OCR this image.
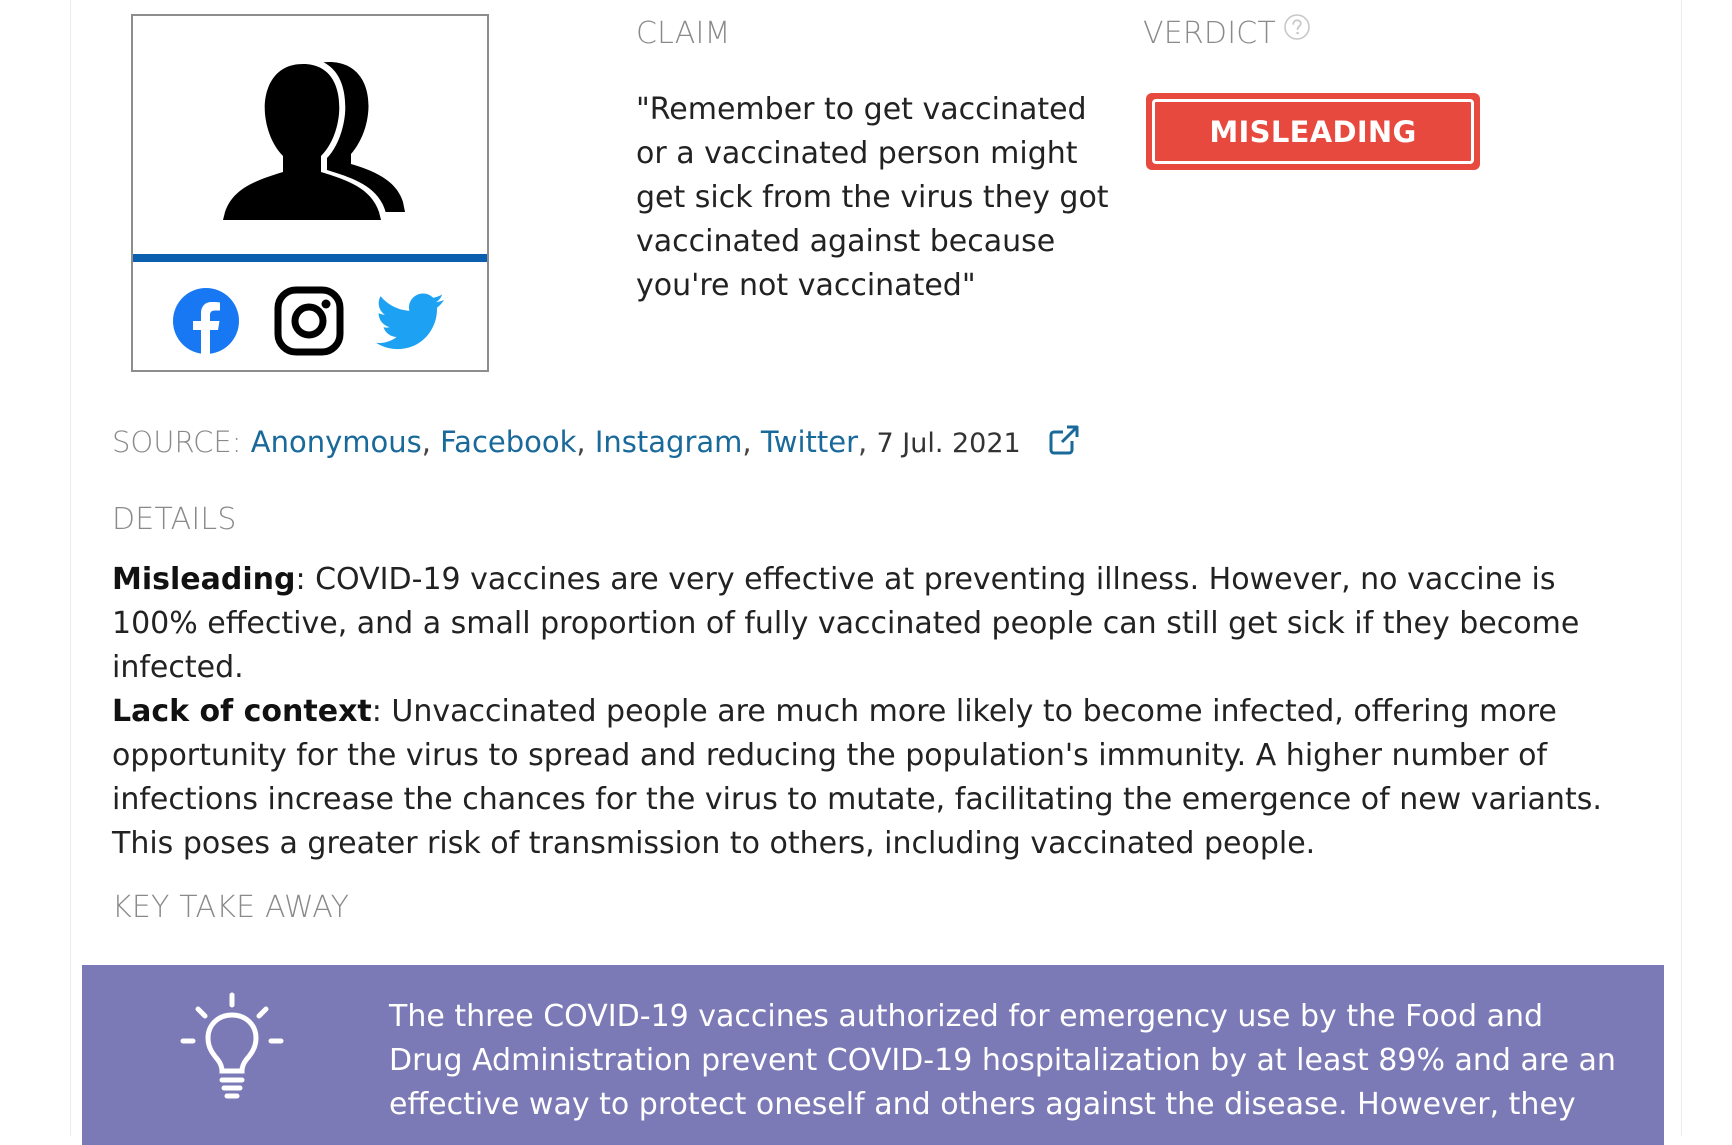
CLAIM
"Remember to get vaccinated or a vaccinated person might get sick from the virus they got vaccinated against because you're not vaccinated"
VERDICT
MISLEADING
SOURCE: Anonymous, Facebook, Instagram, Twitter, 7 Jul. 2021
DETAILS
Misleading: COVID-19 vaccines are very effective at preventing illness. However, no vaccine is 100% effective, and a small proportion of fully vaccinated people can still get sick if they become infected.
Lack of context: Unvaccinated people are much more likely to become infected, offering more opportunity for the virus to spread and reducing the population's immunity. A higher number of infections increase the chances for the virus to mutate, facilitating the emergence of new variants. This poses a greater risk of transmission to others, including vaccinated people.
KEY TAKE AWAY
The three COVID-19 vaccines authorized for emergency use by the Food and Drug Administration prevent COVID-19 hospitalization by at least 89% and are an effective way to protect oneself and others against the disease. However, they
